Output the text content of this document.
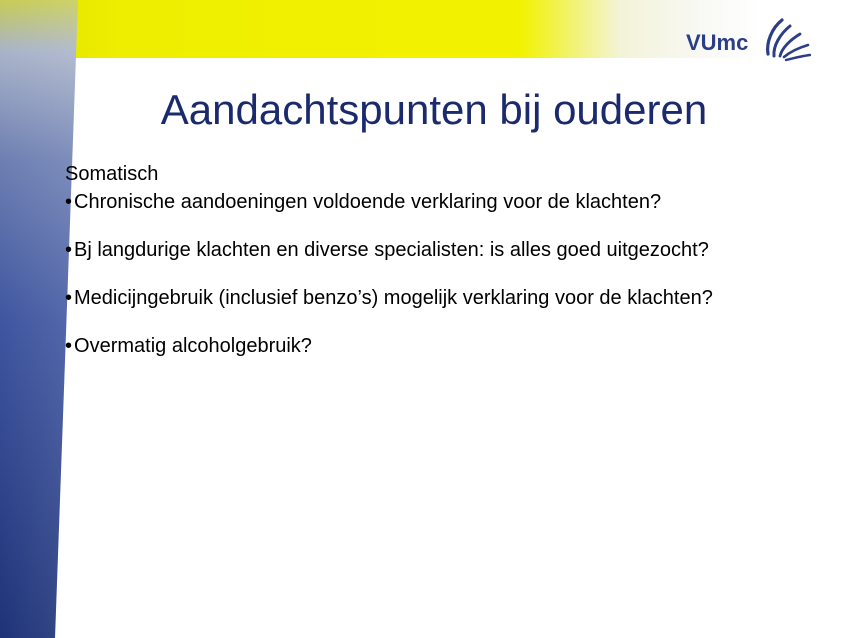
VUmc
Aandachtspunten bij ouderen

Somatisch

• Chronische aandoeningen voldoende verklaring voor de klachten?

• Bj langdurige klachten en diverse specialisten: is alles goed uitgezocht?

• Medicijngebruik (inclusief benzo’s) mogelijk verklaring voor de klachten?

• Overmatig alcoholgebruik?
